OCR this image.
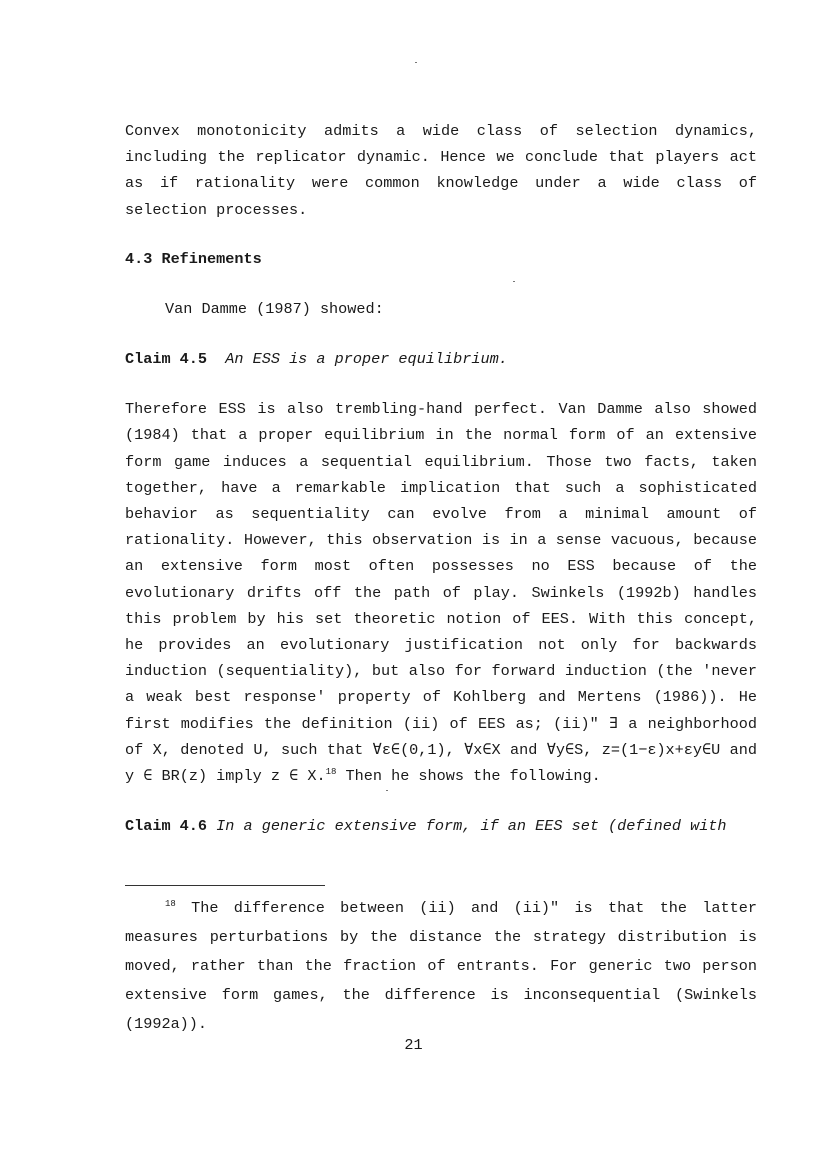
Convex monotonicity admits a wide class of selection dynamics, including the replicator dynamic. Hence we conclude that players act as if rationality were common knowledge under a wide class of selection processes.

4.3 Refinements

Van Damme (1987) showed:

Claim 4.5 An ESS is a proper equilibrium.

Therefore ESS is also trembling-hand perfect. Van Damme also showed (1984) that a proper equilibrium in the normal form of an extensive form game induces a sequential equilibrium. Those two facts, taken together, have a remarkable implication that such a sophisticated behavior as sequentiality can evolve from a minimal amount of rationality. However, this observation is in a sense vacuous, because an extensive form most often possesses no ESS because of the evolutionary drifts off the path of play. Swinkels (1992b) handles this problem by his set theoretic notion of EES. With this concept, he provides an evolutionary justification not only for backwards induction (sequentiality), but also for forward induction (the 'never a weak best response' property of Kohlberg and Mertens (1986)). He first modifies the definition (ii) of EES as; (ii)" ∃ a neighborhood of X, denoted U, such that ∀ε∈(0,1), ∀x∈X and ∀y∈S, z=(1−ε)x+εy∈U and y ∈ BR(z) imply z ∈ X.$^{18}$ Then he shows the following.

Claim 4.6 In a generic extensive form, if an EES set (defined with

$^{18}$ The difference between (ii) and (ii)" is that the latter measures perturbations by the distance the strategy distribution is moved, rather than the fraction of entrants. For generic two person extensive form games, the difference is inconsequential (Swinkels (1992a)).

21
